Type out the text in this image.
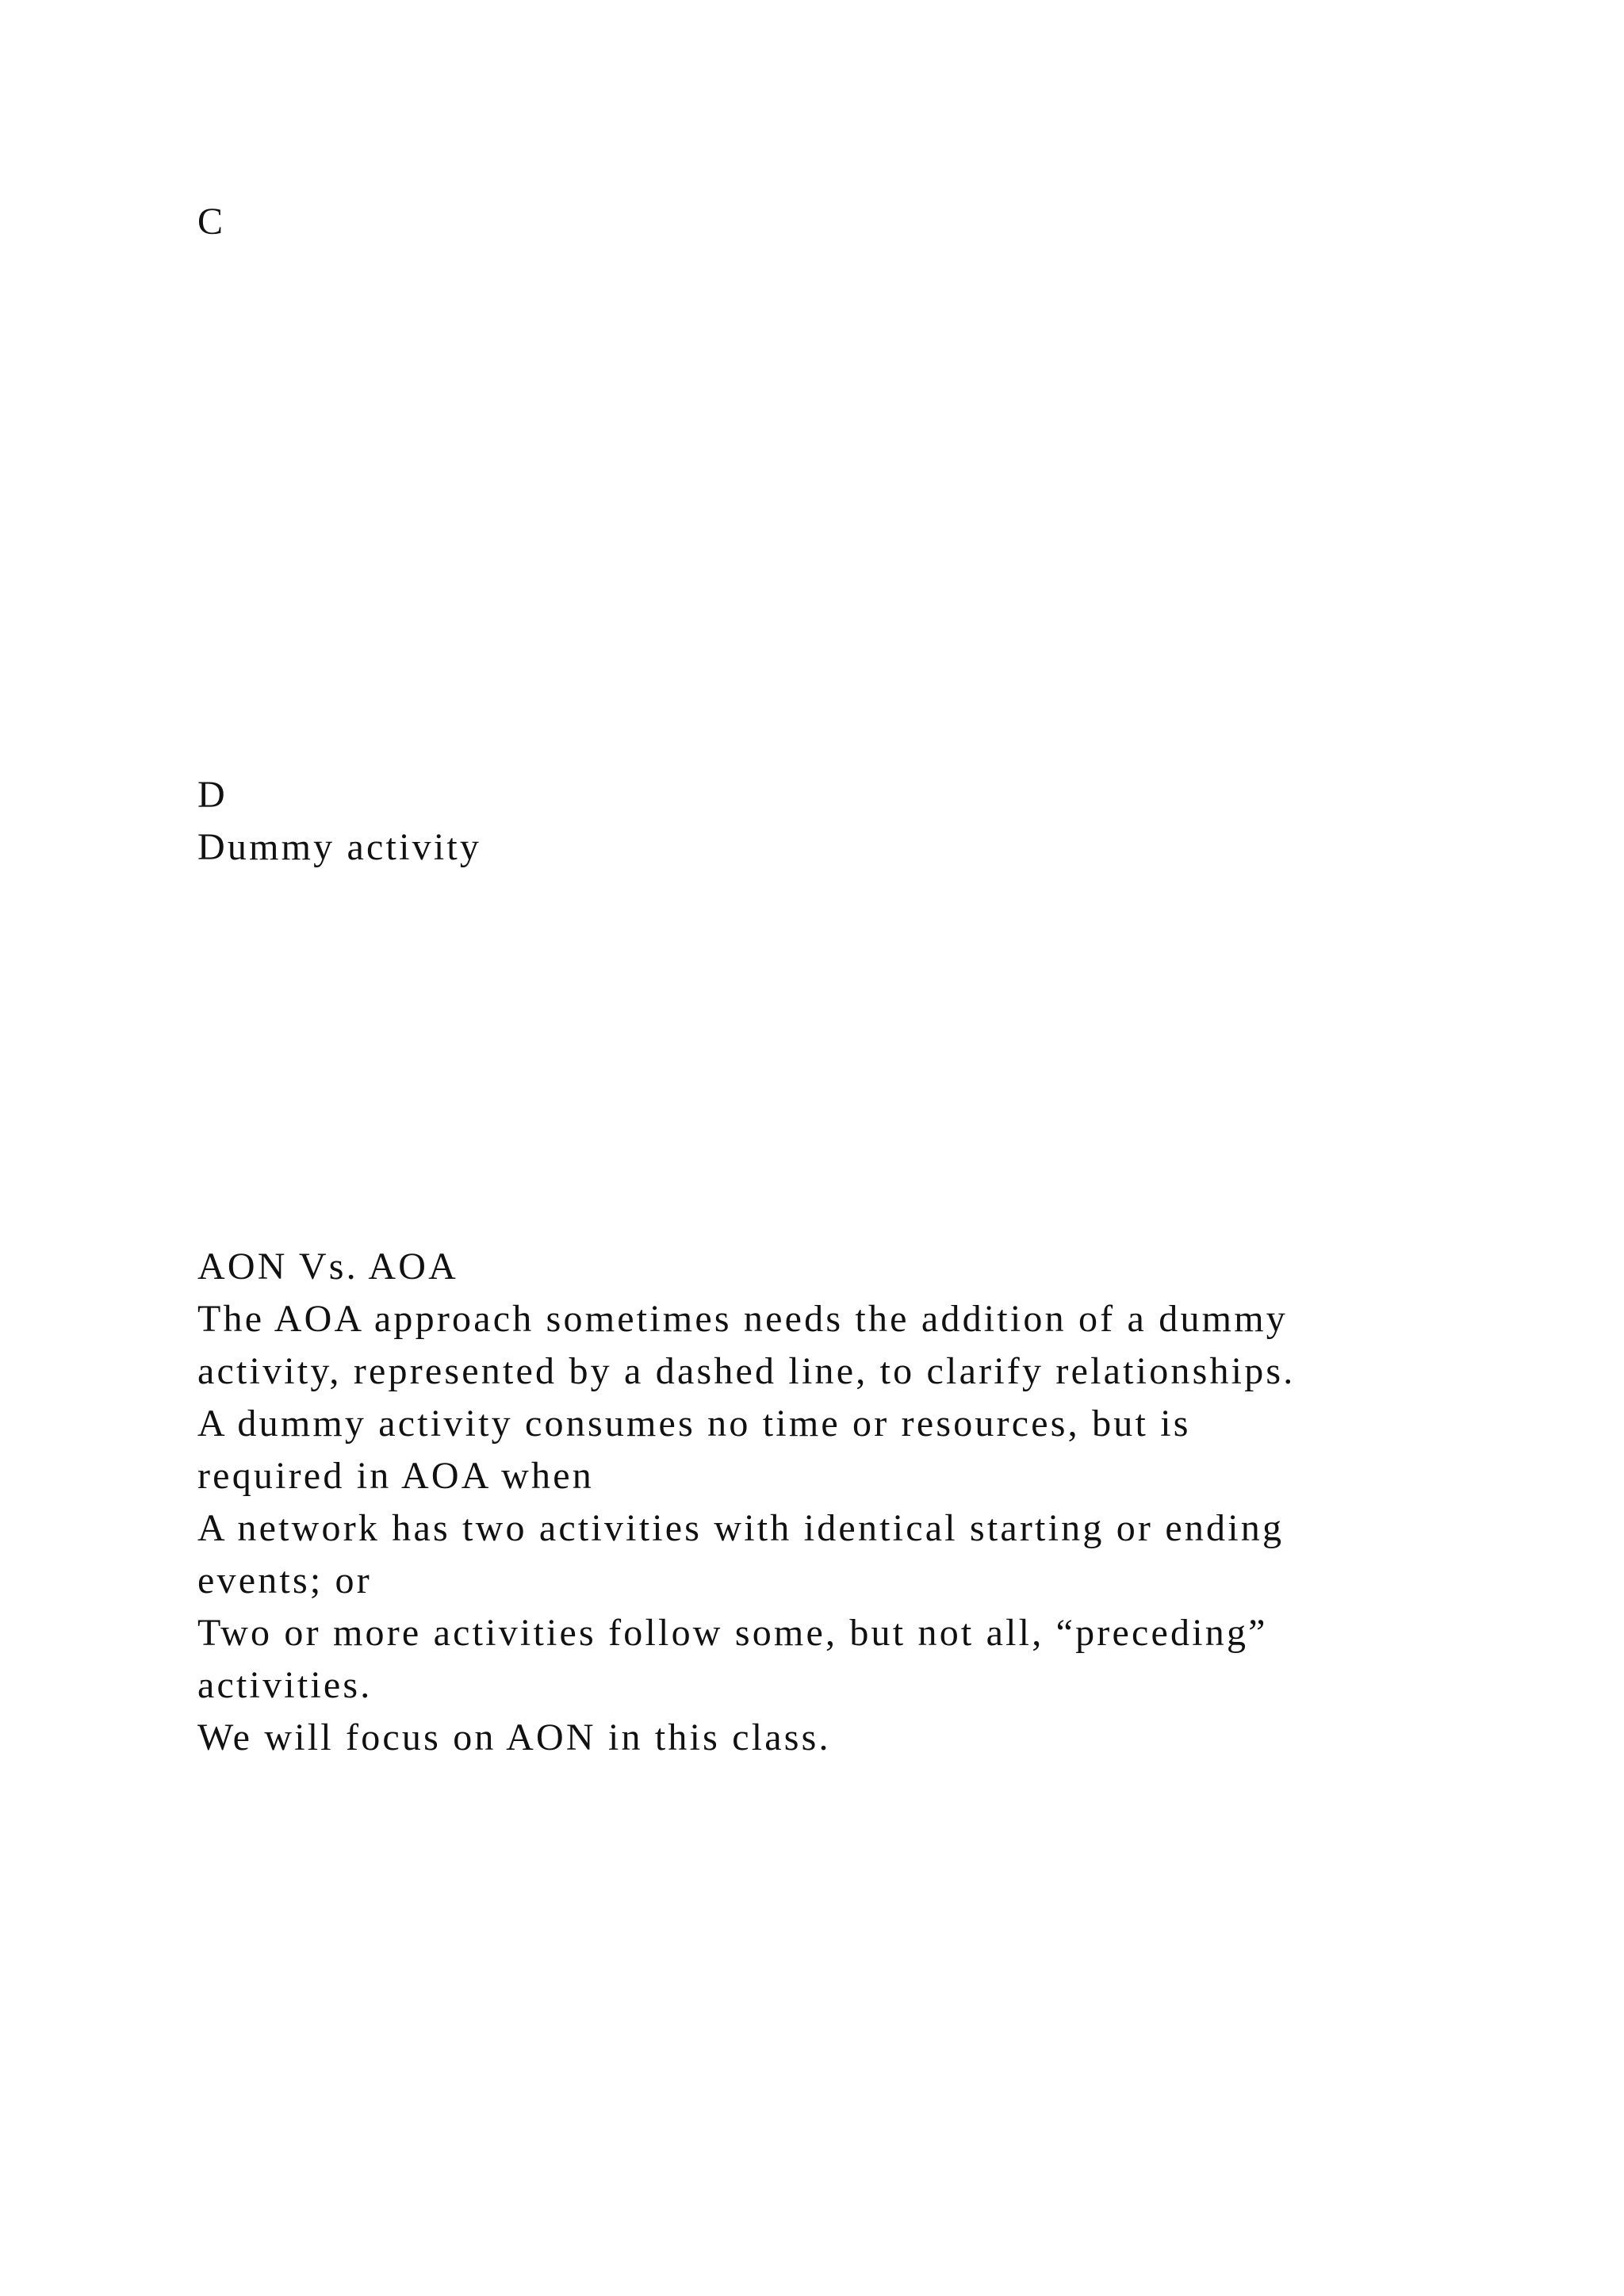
C

D

Dummy activity

AON Vs. AOA

The AOA approach sometimes needs the addition of a dummy

activity, represented by a dashed line, to clarify relationships.

A dummy activity consumes no time or resources, but is

required in AOA when

A network has two activities with identical starting or ending

events; or

Two or more activities follow some, but not all, “preceding”

activities.

We will focus on AON in this class.
